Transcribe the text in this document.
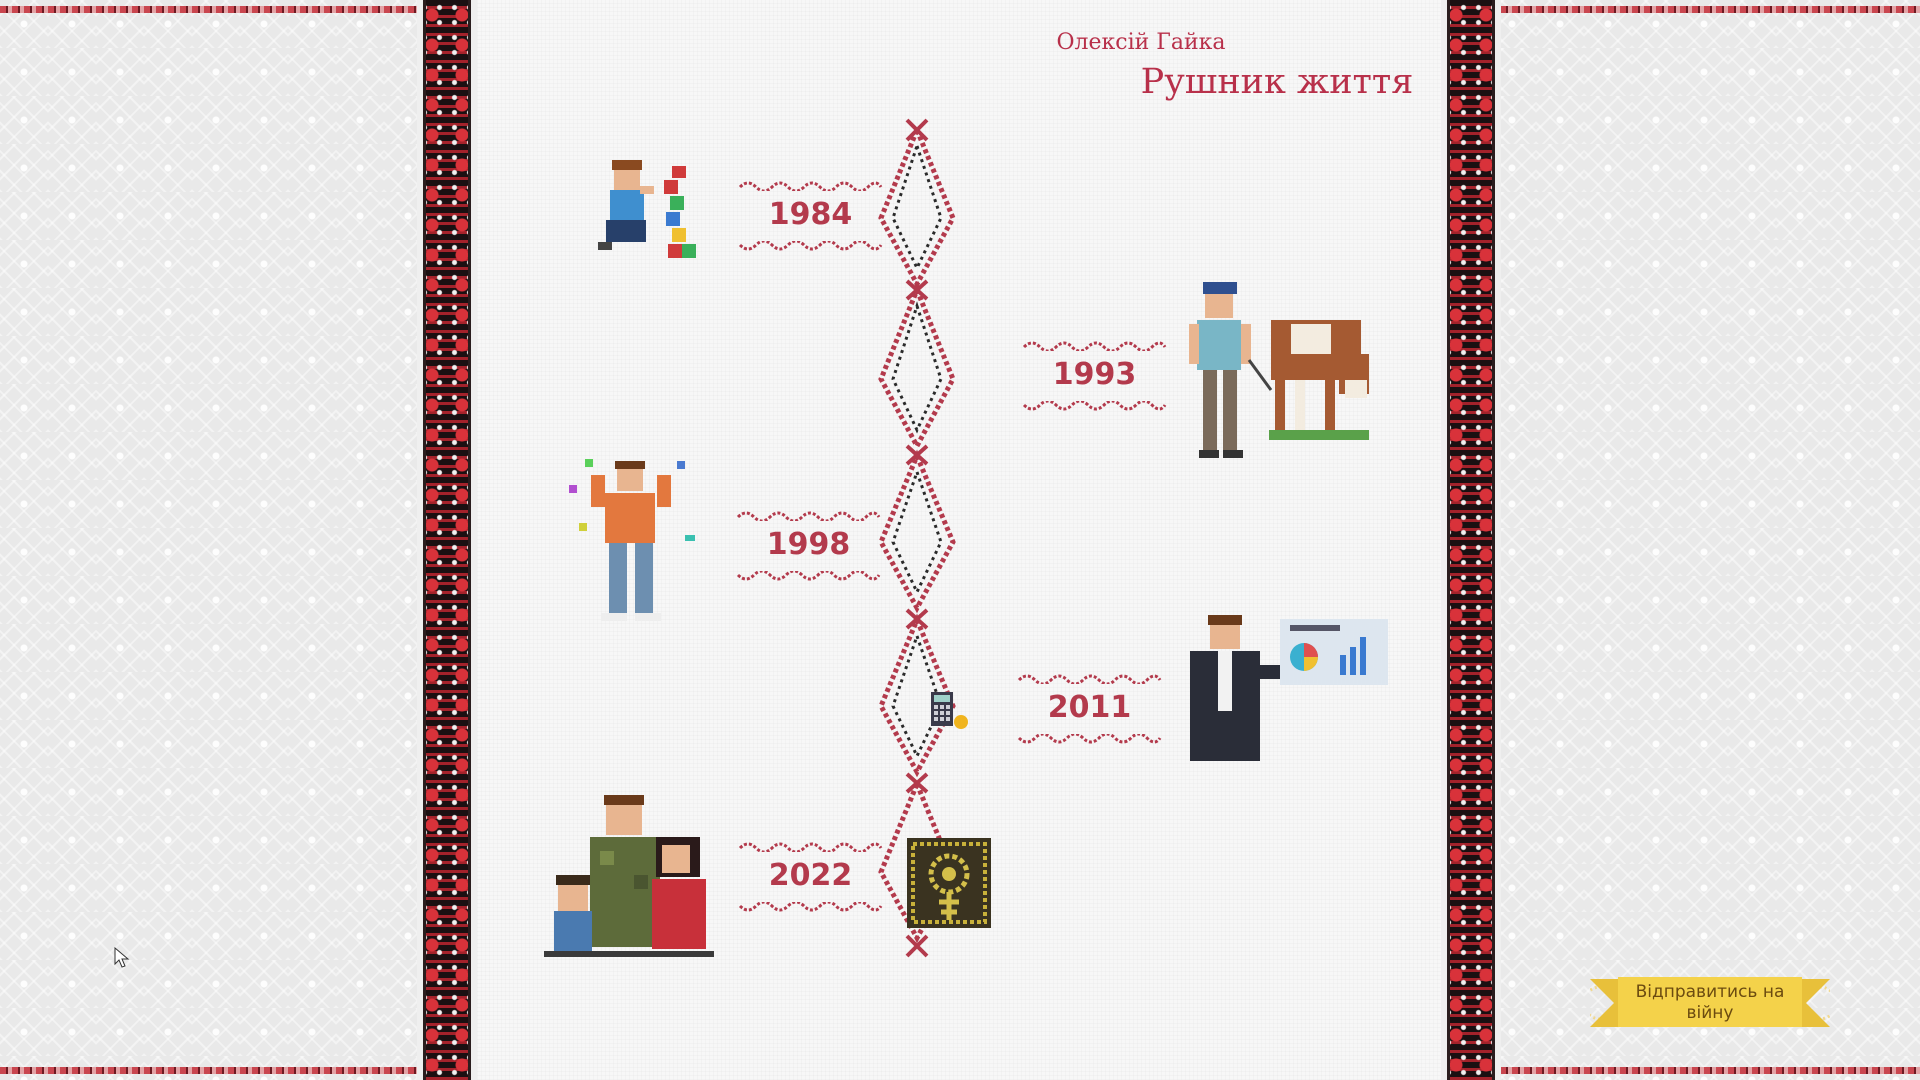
Олексій Гайка
Рушник життя
1984
1993
1998
2011
2022
Відправитись на війну
